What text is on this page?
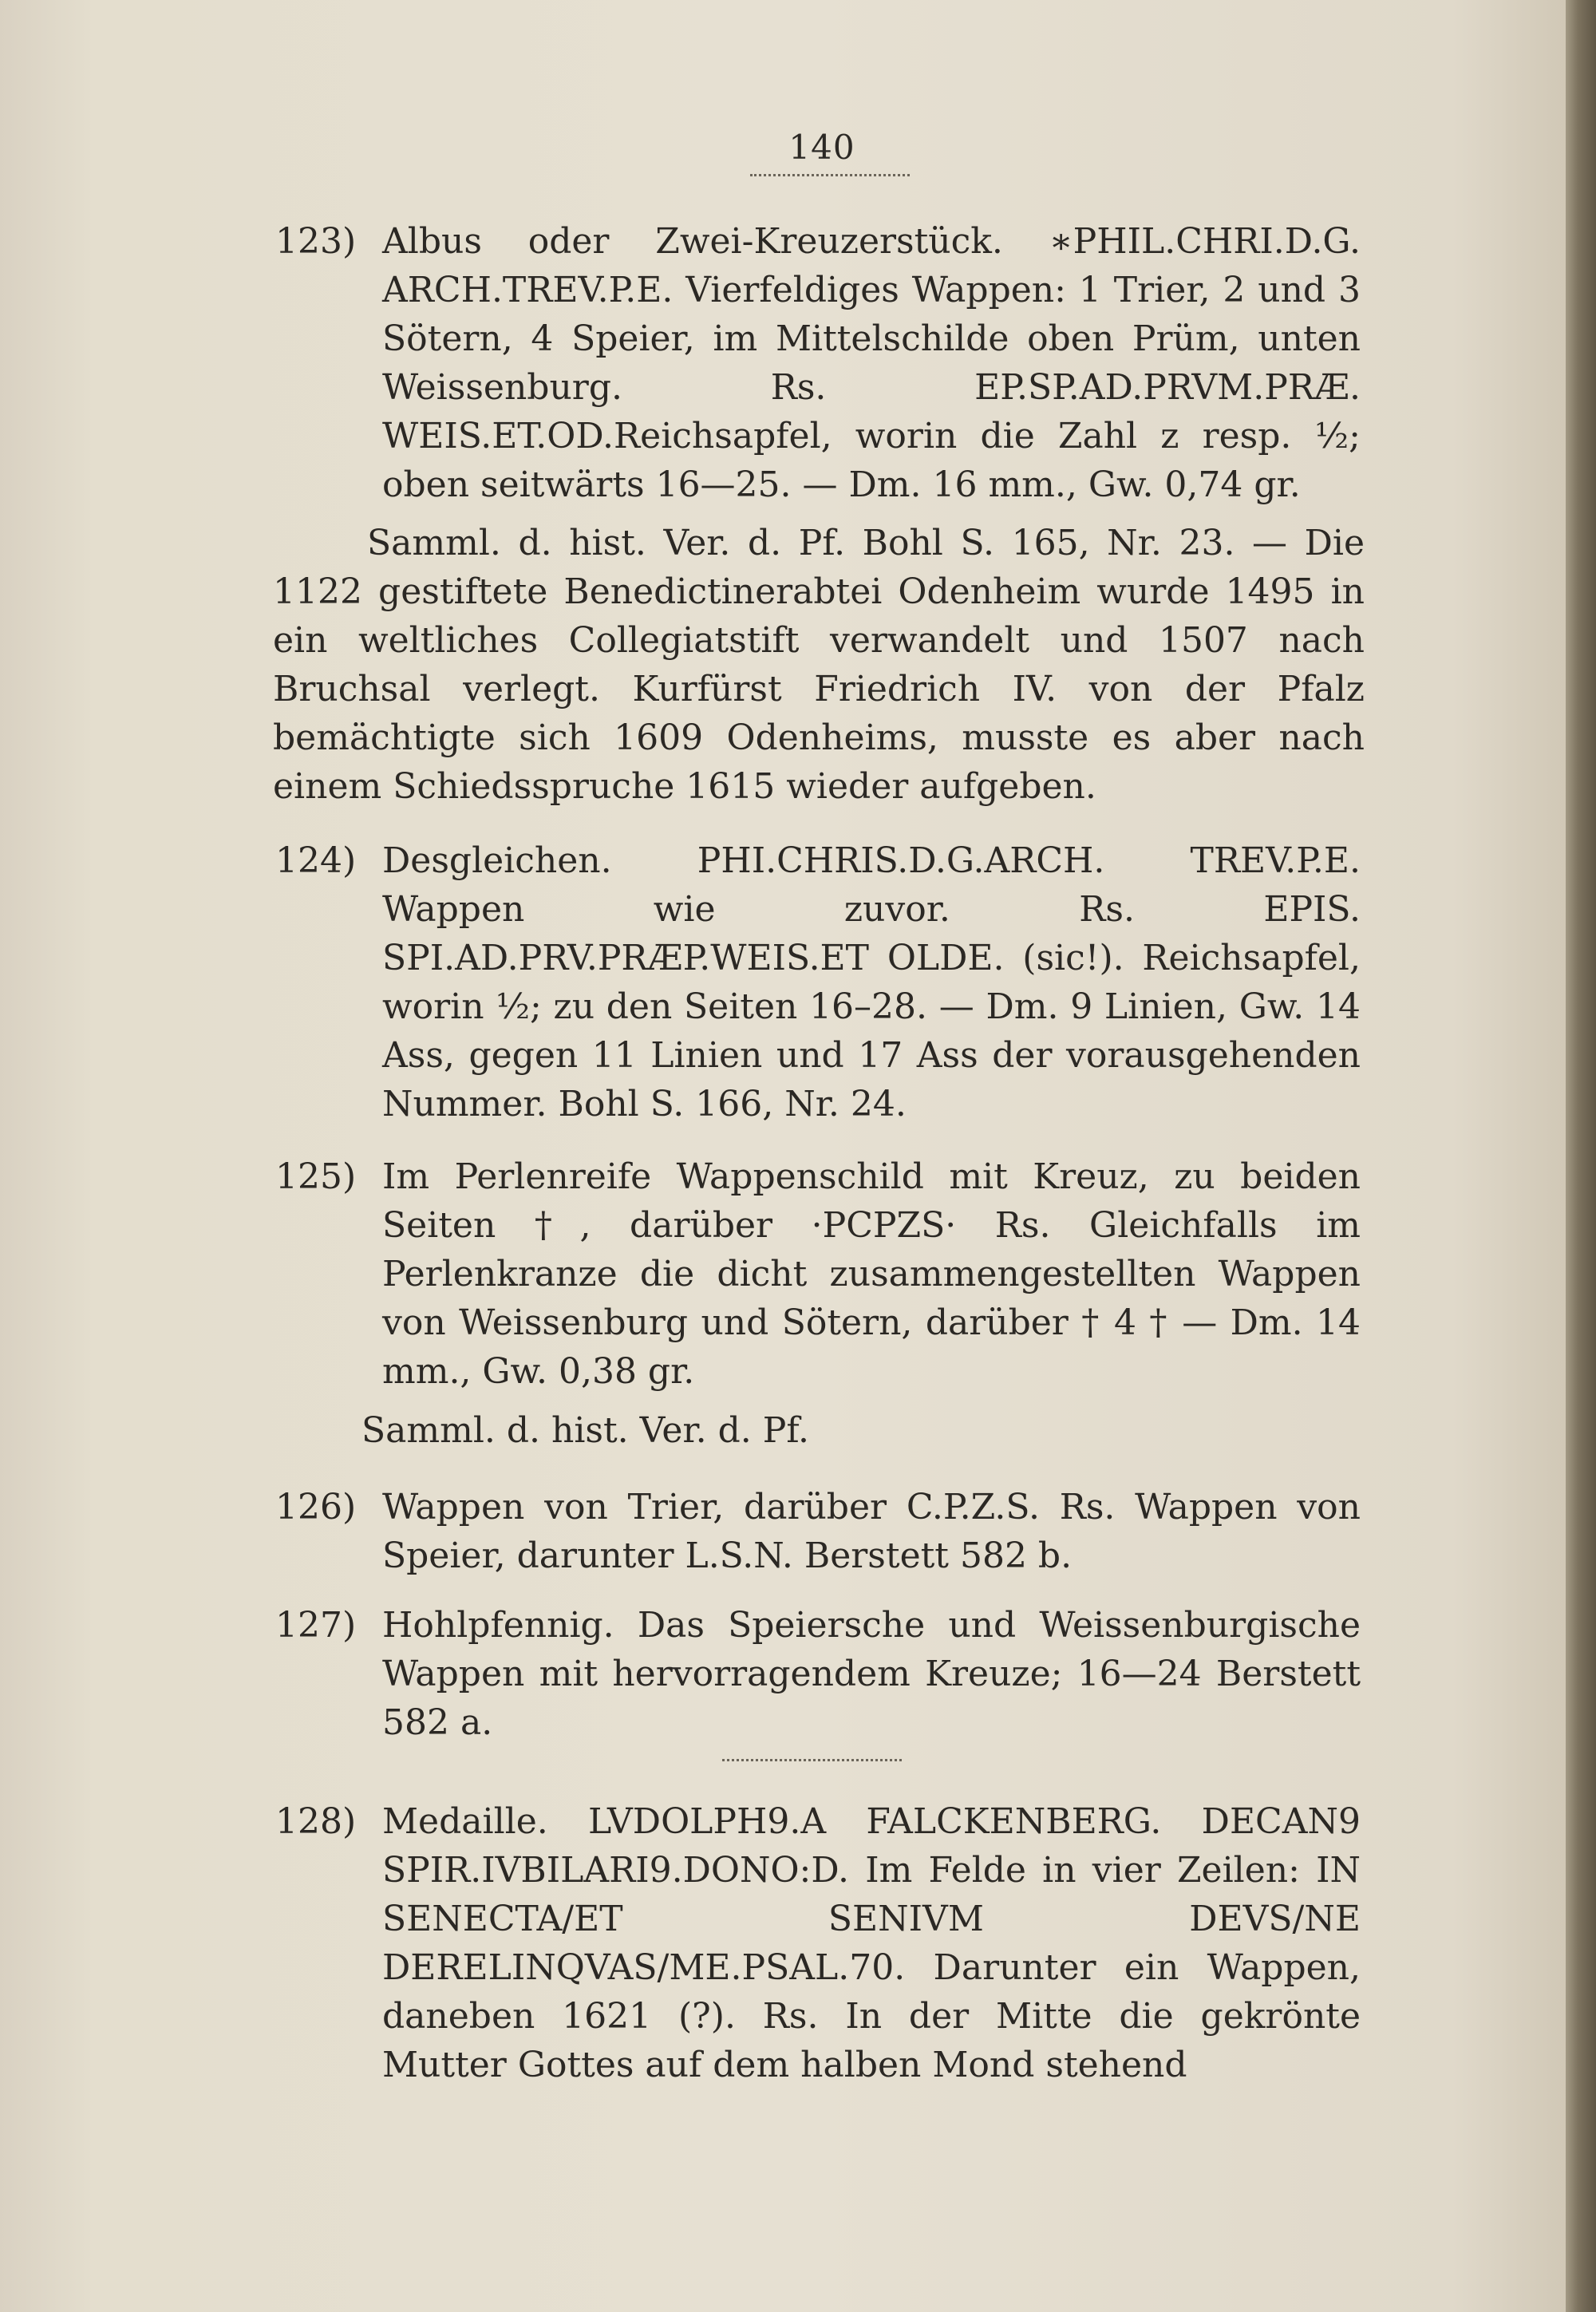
140
123) Albus oder Zwei-Kreuzerstück. ∗PHIL.CHRI.D.G. ARCH.TREV.P.E. Vierfeldiges Wappen: 1 Trier, 2 und 3 Sötern, 4 Speier, im Mittelschilde oben Prüm, unten Weissenburg. Rs. EP.SP.AD.PRVM.PRÆ. WEIS.ET.OD.Reichsapfel, worin die Zahl z resp. ½; oben seitwärts 16—25. — Dm. 16 mm., Gw. 0,74 gr.
Samml. d. hist. Ver. d. Pf. Bohl S. 165, Nr. 23. — Die 1122 gestiftete Benedictinerabtei Odenheim wurde 1495 in ein weltliches Collegiatstift verwandelt und 1507 nach Bruchsal verlegt. Kurfürst Friedrich IV. von der Pfalz bemächtigte sich 1609 Odenheims, musste es aber nach einem Schiedsspruche 1615 wieder aufgeben.
124) Desgleichen. PHI.CHRIS.D.G.ARCH. TREV.P.E. Wappen wie zuvor. Rs. EPIS. SPI.AD.PRV.PRÆP.WEIS.ET OLDE. (sic!). Reichsapfel, worin ½; zu den Seiten 16–28. — Dm. 9 Linien, Gw. 14 Ass, gegen 11 Linien und 17 Ass der vorausgehenden Nummer. Bohl S. 166, Nr. 24.
125) Im Perlenreife Wappenschild mit Kreuz, zu beiden Seiten †, darüber ·PCPZS· Rs. Gleichfalls im Perlenkranze die dicht zusammengestellten Wappen von Weissenburg und Sötern, darüber † 4 † — Dm. 14 mm., Gw. 0,38 gr.
Samml. d. hist. Ver. d. Pf.
126) Wappen von Trier, darüber C.P.Z.S. Rs. Wappen von Speier, darunter L.S.N. Berstett 582 b.
127) Hohlpfennig. Das Speiersche und Weissenburgische Wappen mit hervorragendem Kreuze; 16—24 Berstett 582 a.
128) Medaille. LVDOLPH9.A FALCKENBERG. DECAN9 SPIR.IVBILARI9.DONO:D. Im Felde in vier Zeilen: IN SENECTA/ET SENIVM DEVS/NE DERELINQVAS/ME.PSAL.70. Darunter ein Wappen, daneben 1621 (?). Rs. In der Mitte die gekrönte Mutter Gottes auf dem halben Mond stehend
